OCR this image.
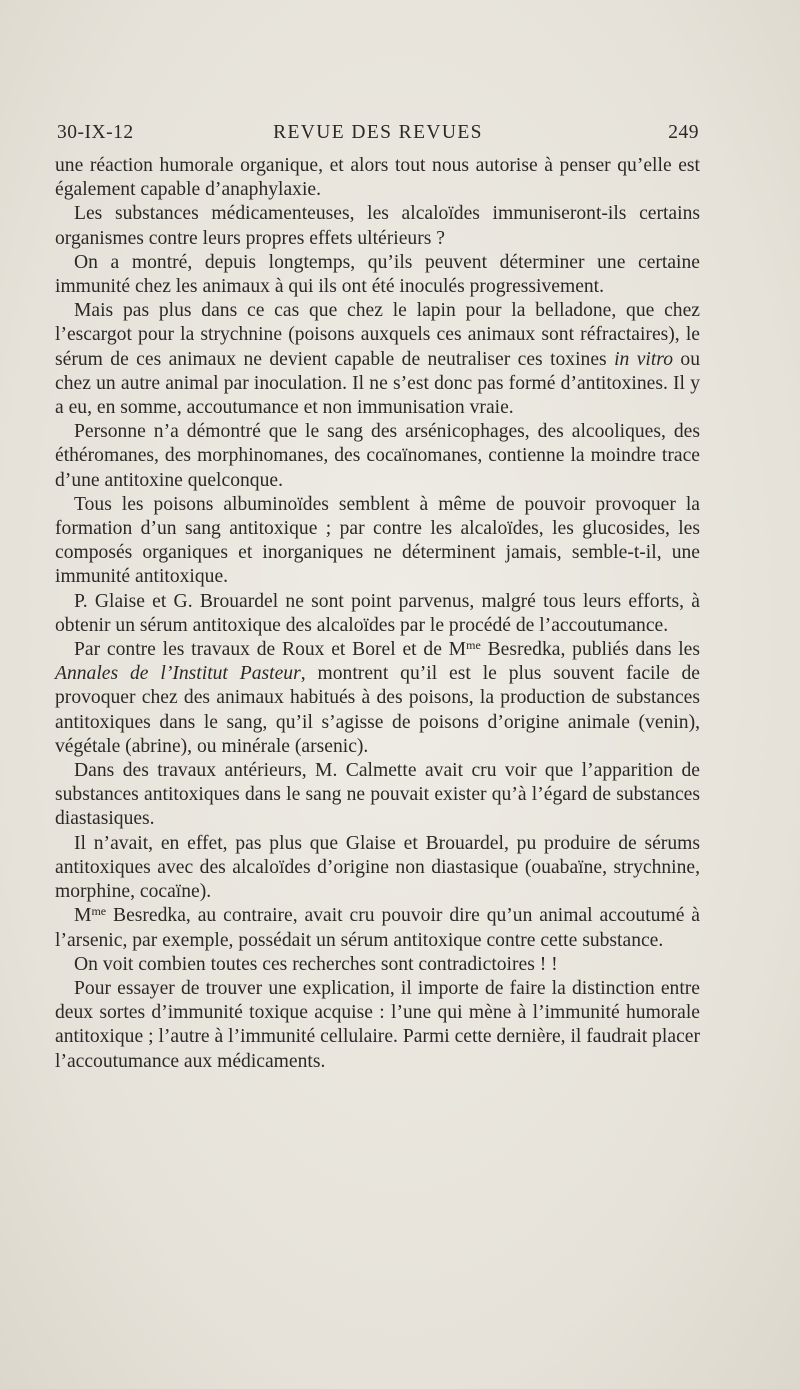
30-IX-12	REVUE DES REVUES	249

une réaction humorale organique, et alors tout nous autorise à penser qu’elle est également capable d’anaphylaxie.

Les substances médicamenteuses, les alcaloïdes immuniseront-ils certains organismes contre leurs propres effets ultérieurs ?

On a montré, depuis longtemps, qu’ils peuvent déterminer une certaine immunité chez les animaux à qui ils ont été inoculés progressivement.

Mais pas plus dans ce cas que chez le lapin pour la belladone, que chez l’escargot pour la strychnine (poisons auxquels ces animaux sont réfractaires), le sérum de ces animaux ne devient capable de neutraliser ces toxines in vitro ou chez un autre animal par inoculation. Il ne s’est donc pas formé d’antitoxines. Il y a eu, en somme, accoutumance et non immunisation vraie.

Personne n’a démontré que le sang des arsénicophages, des alcooliques, des éthéromanes, des morphinomanes, des cocaïnomanes, contienne la moindre trace d’une antitoxine quelconque.

Tous les poisons albuminoïdes semblent à même de pouvoir provoquer la formation d’un sang antitoxique ; par contre les alcaloïdes, les glucosides, les composés organiques et inorganiques ne déterminent jamais, semble-t-il, une immunité antitoxique.

P. Glaise et G. Brouardel ne sont point parvenus, malgré tous leurs efforts, à obtenir un sérum antitoxique des alcaloïdes par le procédé de l’accoutumance.

Par contre les travaux de Roux et Borel et de $M^{me}$ Besredka, publiés dans les Annales de l’Institut Pasteur, montrent qu’il est le plus souvent facile de provoquer chez des animaux habitués à des poisons, la production de substances antitoxiques dans le sang, qu’il s’agisse de poisons d’origine animale (venin), végétale (abrine), ou minérale (arsenic).

Dans des travaux antérieurs, M. Calmette avait cru voir que l’apparition de substances antitoxiques dans le sang ne pouvait exister qu’à l’égard de substances diastasiques.

Il n’avait, en effet, pas plus que Glaise et Brouardel, pu produire de sérums antitoxiques avec des alcaloïdes d’origine non diastasique (ouabaïne, strychnine, morphine, cocaïne).

$M^{me}$ Besredka, au contraire, avait cru pouvoir dire qu’un animal accoutumé à l’arsenic, par exemple, possédait un sérum antitoxique contre cette substance.

On voit combien toutes ces recherches sont contradictoires ! !

Pour essayer de trouver une explication, il importe de faire la distinction entre deux sortes d’immunité toxique acquise : l’une qui mène à l’immunité humorale antitoxique ; l’autre à l’immunité cellulaire. Parmi cette dernière, il faudrait placer l’accoutumance aux médicaments.
